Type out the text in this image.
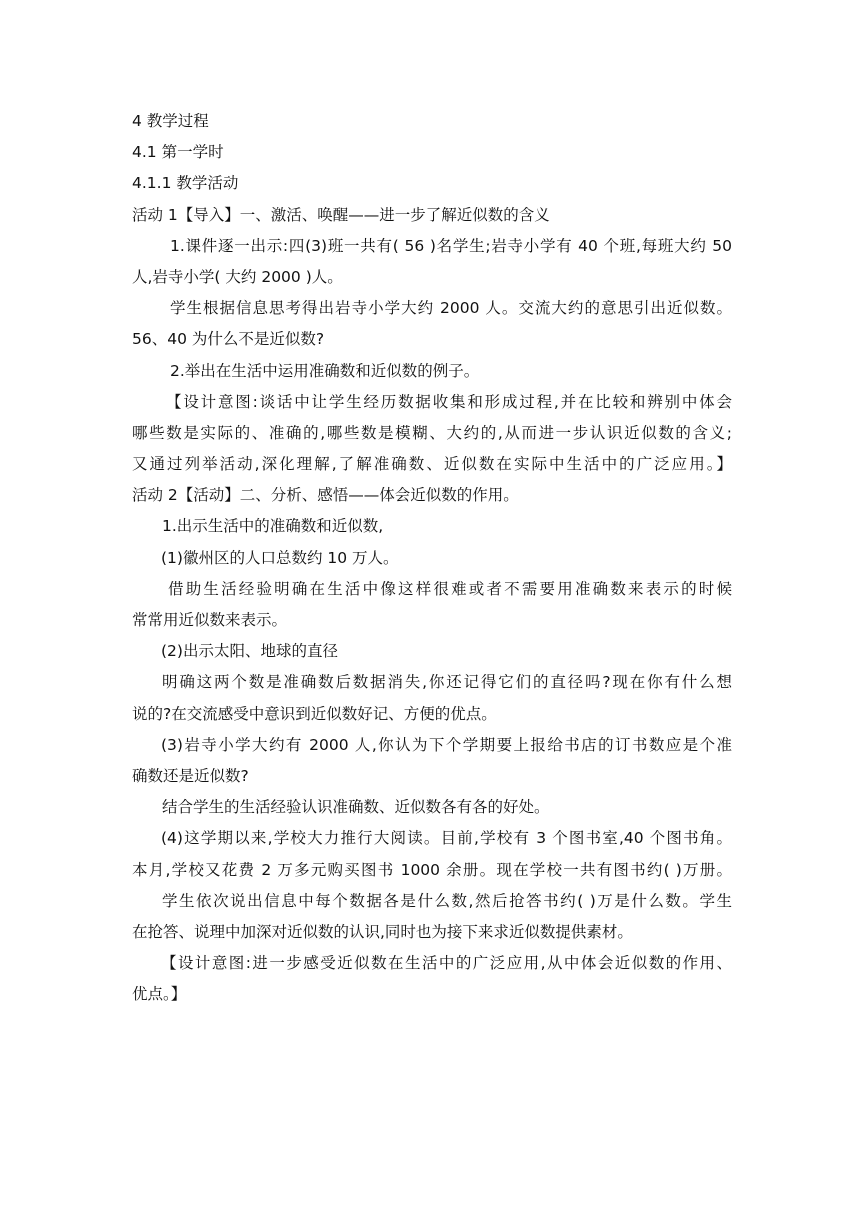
4 教学过程
4.1 第一学时
4.1.1 教学活动
活动 1【导入】一、激活、唤醒——进一步了解近似数的含义
1.课件逐一出示:四(3)班一共有( 56 )名学生;岩寺小学有 40 个班,每班大约 50
人,岩寺小学( 大约 2000 )人。
学生根据信息思考得出岩寺小学大约 2000 人。交流大约的意思引出近似数。
56、40 为什么不是近似数?
2.举出在生活中运用准确数和近似数的例子。
【设计意图:谈话中让学生经历数据收集和形成过程,并在比较和辨别中体会
哪些数是实际的、准确的,哪些数是模糊、大约的,从而进一步认识近似数的含义;
又通过列举活动,深化理解,了解准确数、近似数在实际中生活中的广泛应用。】
活动 2【活动】二、分析、感悟——体会近似数的作用。
1.出示生活中的准确数和近似数,
(1)徽州区的人口总数约 10 万人。
借助生活经验明确在生活中像这样很难或者不需要用准确数来表示的时候
常常用近似数来表示。
(2)出示太阳、地球的直径
明确这两个数是准确数后数据消失,你还记得它们的直径吗?现在你有什么想
说的?在交流感受中意识到近似数好记、方便的优点。
(3)岩寺小学大约有 2000 人,你认为下个学期要上报给书店的订书数应是个准
确数还是近似数?
结合学生的生活经验认识准确数、近似数各有各的好处。
(4)这学期以来,学校大力推行大阅读。目前,学校有 3 个图书室,40 个图书角。
本月,学校又花费 2 万多元购买图书 1000 余册。现在学校一共有图书约( )万册。
学生依次说出信息中每个数据各是什么数,然后抢答书约( )万是什么数。学生
在抢答、说理中加深对近似数的认识,同时也为接下来求近似数提供素材。
【设计意图:进一步感受近似数在生活中的广泛应用,从中体会近似数的作用、
优点。】
